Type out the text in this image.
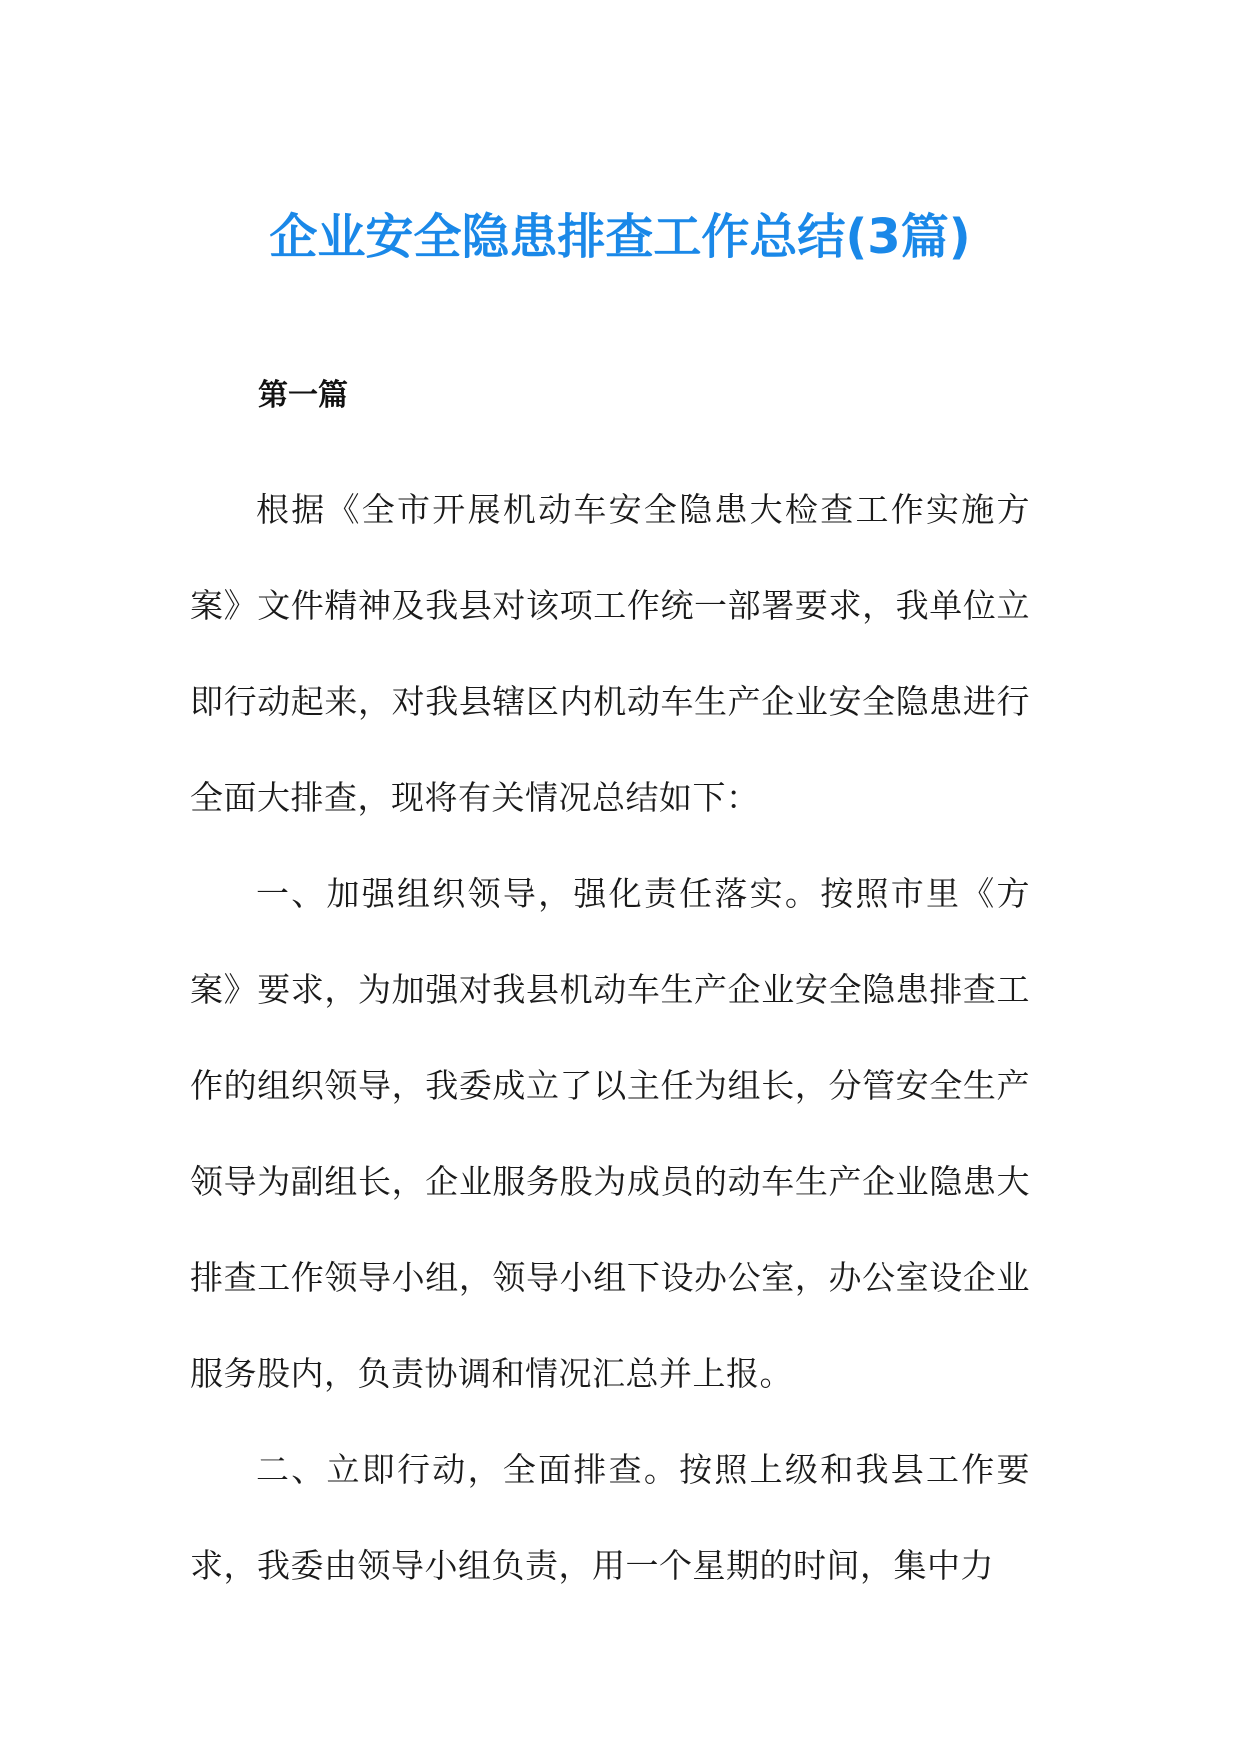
企业安全隐患排查工作总结(3篇)
第一篇

根据《全市开展机动车安全隐患大检查工作实施方案》文件精神及我县对该项工作统一部署要求，我单位立即行动起来，对我县辖区内机动车生产企业安全隐患进行全面大排查，现将有关情况总结如下：

一、加强组织领导，强化责任落实。按照市里《方案》要求，为加强对我县机动车生产企业安全隐患排查工作的组织领导，我委成立了以主任为组长，分管安全生产领导为副组长，企业服务股为成员的动车生产企业隐患大排查工作领导小组，领导小组下设办公室，办公室设企业服务股内，负责协调和情况汇总并上报。

二、立即行动，全面排查。按照上级和我县工作要求，我委由领导小组负责，用一个星期的时间，集中力
